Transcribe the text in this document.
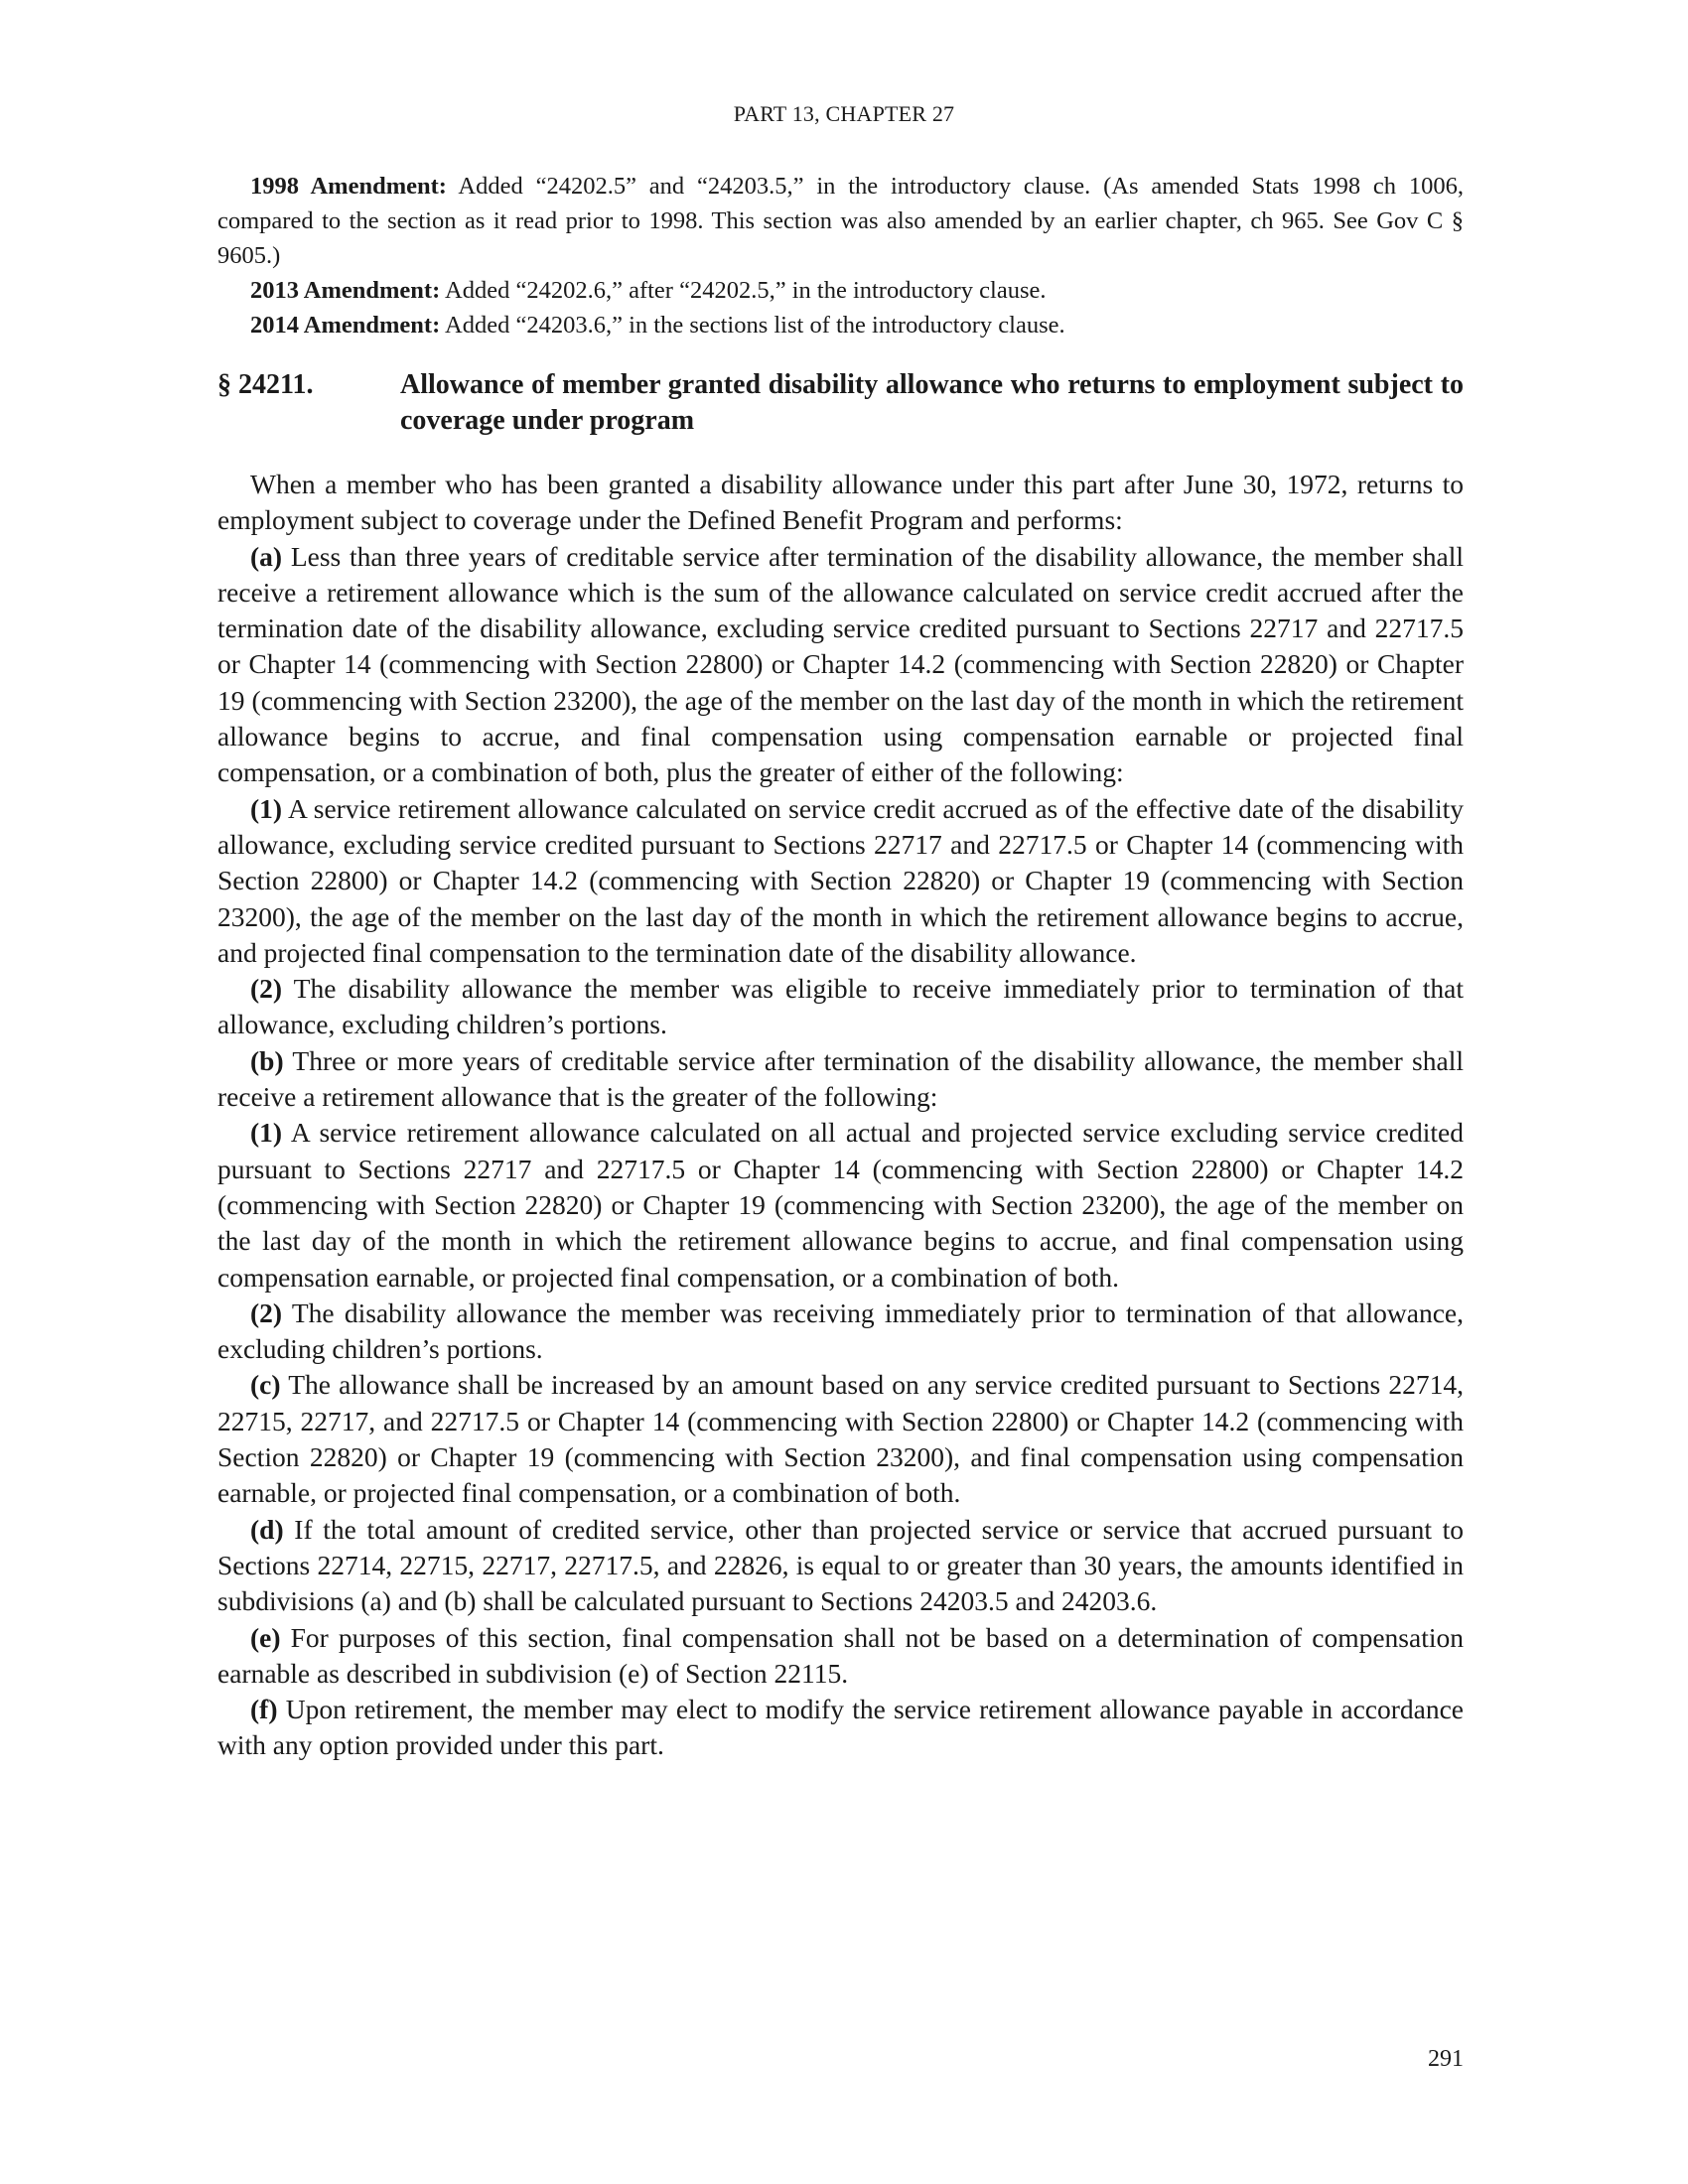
PART 13, CHAPTER 27

1998 Amendment: Added “24202.5” and “24203.5,” in the introductory clause. (As amended Stats 1998 ch 1006, compared to the section as it read prior to 1998. This section was also amended by an earlier chapter, ch 965. See Gov C § 9605.)

2013 Amendment: Added “24202.6,” after “24202.5,” in the introductory clause.

2014 Amendment: Added “24203.6,” in the sections list of the introductory clause.

§ 24211.	Allowance of member granted disability allowance who returns to employment subject to coverage under program

When a member who has been granted a disability allowance under this part after June 30, 1972, returns to employment subject to coverage under the Defined Benefit Program and performs:

(a) Less than three years of creditable service after termination of the disability allowance, the member shall receive a retirement allowance which is the sum of the allowance calculated on service credit accrued after the termination date of the disability allowance, excluding service credited pursuant to Sections 22717 and 22717.5 or Chapter 14 (commencing with Section 22800) or Chapter 14.2 (commencing with Section 22820) or Chapter 19 (commencing with Section 23200), the age of the member on the last day of the month in which the retirement allowance begins to accrue, and final compensation using compensation earnable or projected final compensation, or a combination of both, plus the greater of either of the following:

(1) A service retirement allowance calculated on service credit accrued as of the effective date of the disability allowance, excluding service credited pursuant to Sections 22717 and 22717.5 or Chapter 14 (commencing with Section 22800) or Chapter 14.2 (commencing with Section 22820) or Chapter 19 (commencing with Section 23200), the age of the member on the last day of the month in which the retirement allowance begins to accrue, and projected final compensation to the termination date of the disability allowance.

(2) The disability allowance the member was eligible to receive immediately prior to termination of that allowance, excluding children’s portions.

(b) Three or more years of creditable service after termination of the disability allowance, the member shall receive a retirement allowance that is the greater of the following:

(1) A service retirement allowance calculated on all actual and projected service excluding service credited pursuant to Sections 22717 and 22717.5 or Chapter 14 (commencing with Section 22800) or Chapter 14.2 (commencing with Section 22820) or Chapter 19 (commencing with Section 23200), the age of the member on the last day of the month in which the retirement allowance begins to accrue, and final compensation using compensation earnable, or projected final compensation, or a combination of both.

(2) The disability allowance the member was receiving immediately prior to termination of that allowance, excluding children’s portions.

(c) The allowance shall be increased by an amount based on any service credited pursuant to Sections 22714, 22715, 22717, and 22717.5 or Chapter 14 (commencing with Section 22800) or Chapter 14.2 (commencing with Section 22820) or Chapter 19 (commencing with Section 23200), and final compensation using compensation earnable, or projected final compensation, or a combination of both.

(d) If the total amount of credited service, other than projected service or service that accrued pursuant to Sections 22714, 22715, 22717, 22717.5, and 22826, is equal to or greater than 30 years, the amounts identified in subdivisions (a) and (b) shall be calculated pursuant to Sections 24203.5 and 24203.6.

(e) For purposes of this section, final compensation shall not be based on a determination of compensation earnable as described in subdivision (e) of Section 22115.

(f) Upon retirement, the member may elect to modify the service retirement allowance payable in accordance with any option provided under this part.

291
